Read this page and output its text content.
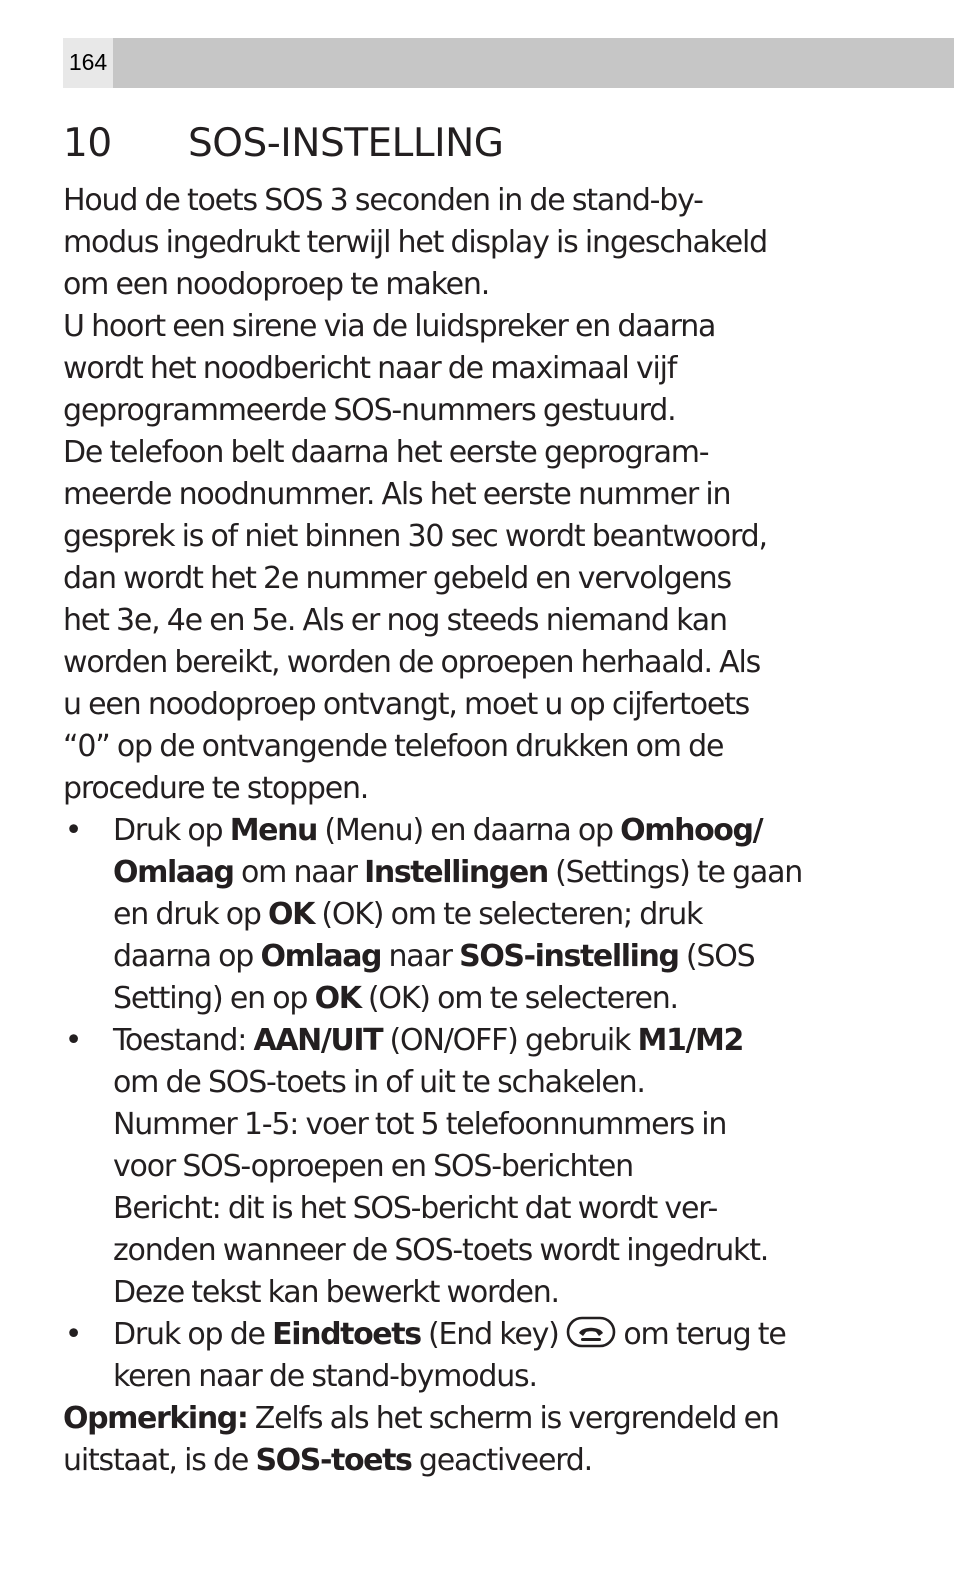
164
10 SOS-INSTELLING

Houd de toets SOS 3 seconden in de stand-by-

modus ingedrukt terwijl het display is ingeschakeld

om een noodoproep te maken.

U hoort een sirene via de luidspreker en daarna

wordt het noodbericht naar de maximaal vijf

geprogrammeerde SOS-nummers gestuurd.

De telefoon belt daarna het eerste geprogram-

meerde noodnummer. Als het eerste nummer in

gesprek is of niet binnen 30 sec wordt beantwoord,

dan wordt het 2e nummer gebeld en vervolgens

het 3e, 4e en 5e. Als er nog steeds niemand kan

worden bereikt, worden de oproepen herhaald. Als

u een noodoproep ontvangt, moet u op cijfertoets

“0” op de ontvangende telefoon drukken om de

procedure te stoppen.

• Druk op Menu (Menu) en daarna op Omhoog/

Omlaag om naar Instellingen (Settings) te gaan

en druk op OK (OK) om te selecteren; druk

daarna op Omlaag naar SOS-instelling (SOS

Setting) en op OK (OK) om te selecteren.

• Toestand: AAN/UIT (ON/OFF) gebruik M1/M2

om de SOS-toets in of uit te schakelen.

Nummer 1-5: voer tot 5 telefoonnummers in

voor SOS-oproepen en SOS-berichten

Bericht: dit is het SOS-bericht dat wordt ver-

zonden wanneer de SOS-toets wordt ingedrukt.

Deze tekst kan bewerkt worden.

• Druk op de Eindtoets (End key)  om terug te

keren naar de stand-bymodus.

Opmerking: Zelfs als het scherm is vergrendeld en

uitstaat, is de SOS-toets geactiveerd.
